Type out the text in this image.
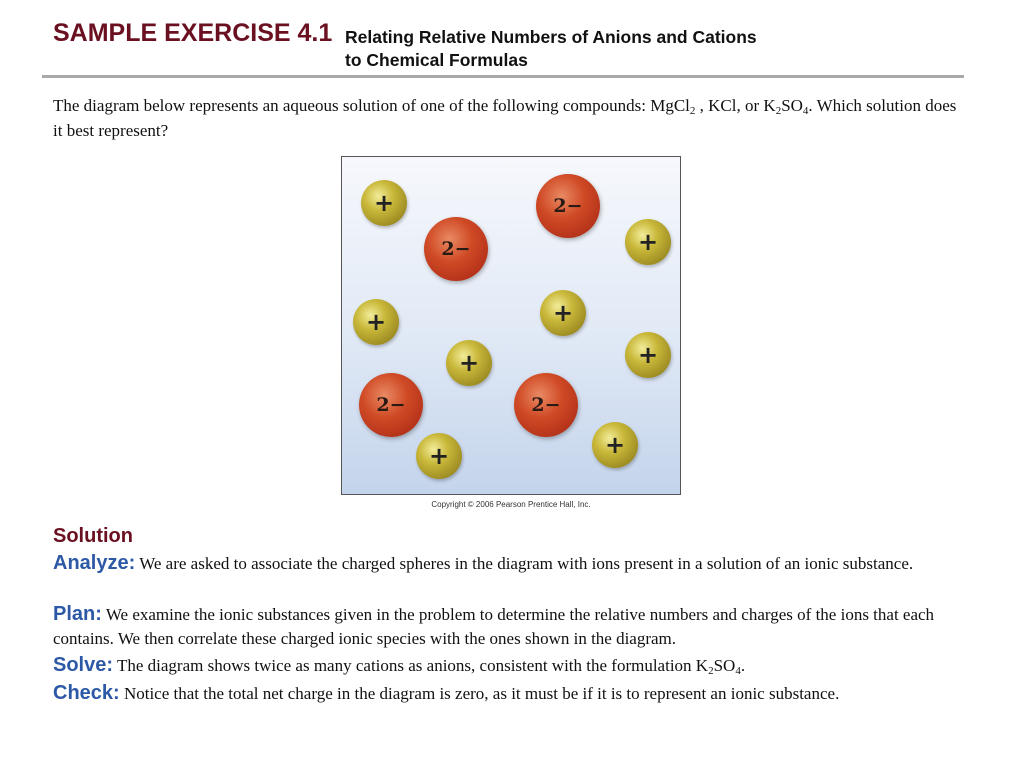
SAMPLE EXERCISE 4.1 Relating Relative Numbers of Anions and Cations to Chemical Formulas
The diagram below represents an aqueous solution of one of the following compounds: MgCl$_2$ , KCl, or $K_2SO_4$. Which solution does it best represent?
+	2−
2−	+
+	+
+	+
2−	2−
+
+
Copyright © 2006 Pearson Prentice Hall, Inc.
Solution
Analyze: We are asked to associate the charged spheres in the diagram with ions present in a solution of an ionic substance.
Plan: We examine the ionic substances given in the problem to determine the relative numbers and charges of the ions that each contains. We then correlate these charged ionic species with the ones shown in the diagram.
Solve: The diagram shows twice as many cations as anions, consistent with the formulation $K_2SO_4$.
Check: Notice that the total net charge in the diagram is zero, as it must be if it is to represent an ionic substance.
